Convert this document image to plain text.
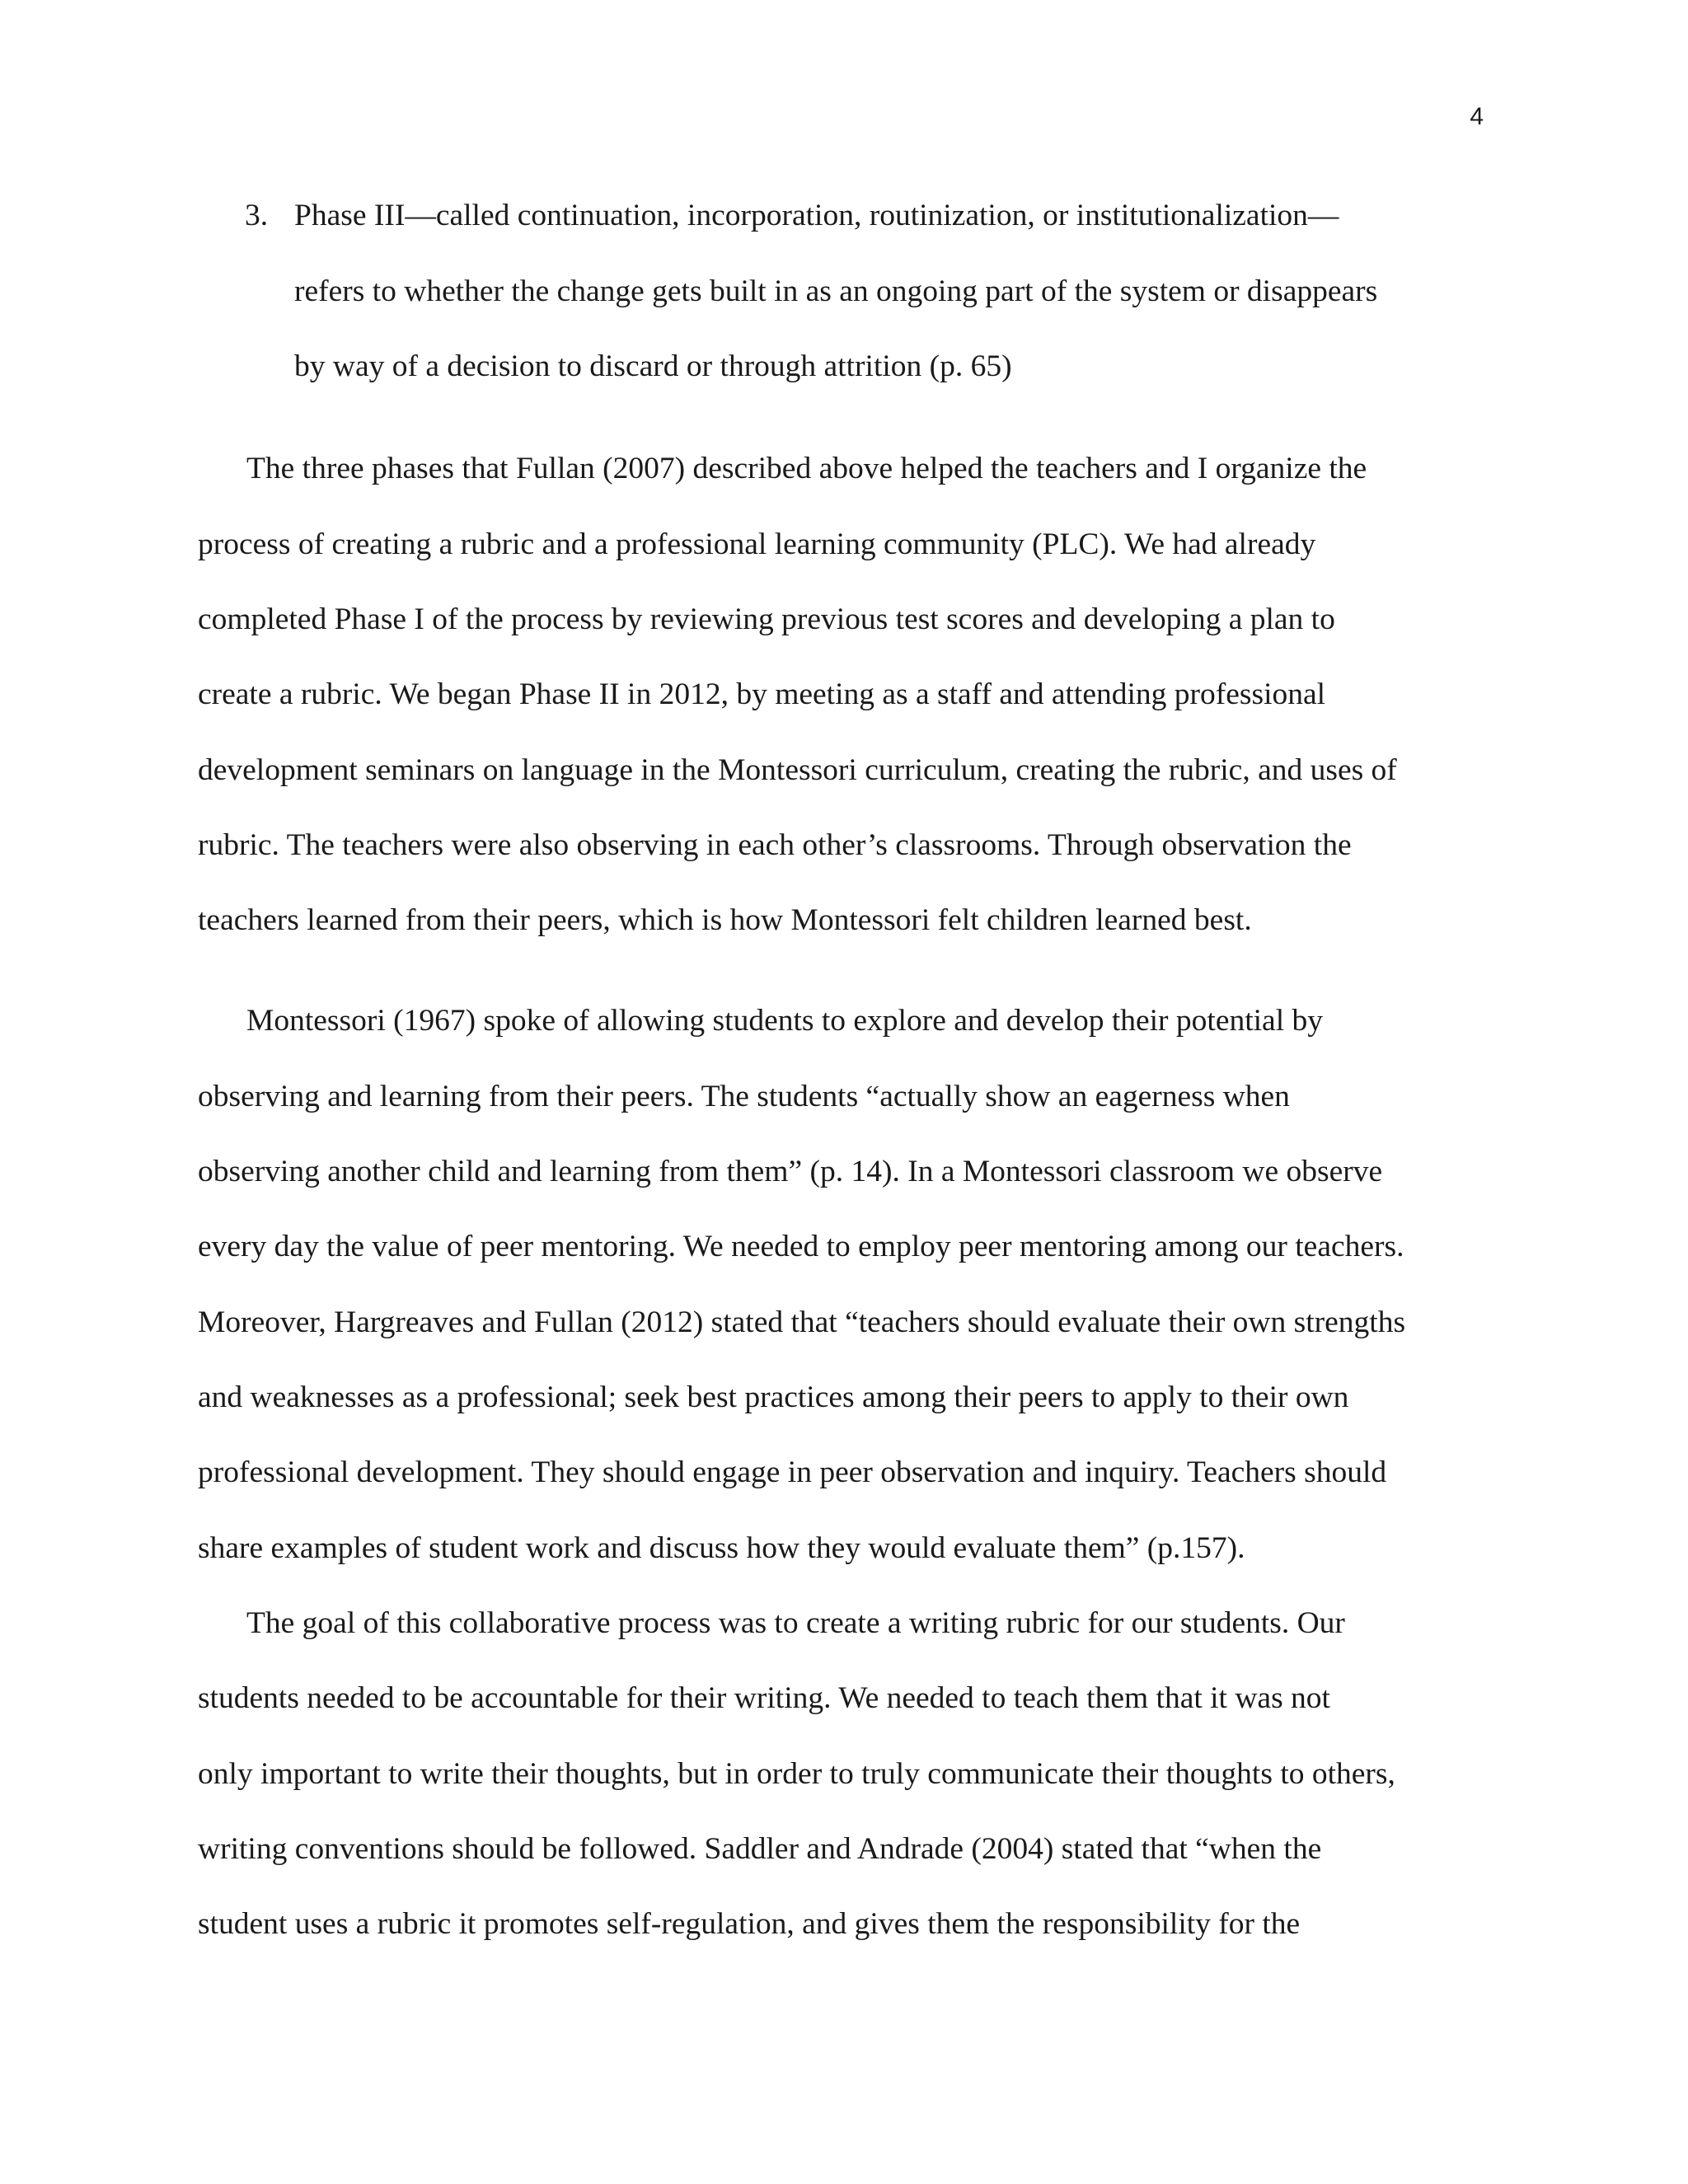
4
3. Phase III—called continuation, incorporation, routinization, or institutionalization—
refers to whether the change gets built in as an ongoing part of the system or disappears
by way of a decision to discard or through attrition (p. 65)
The three phases that Fullan (2007) described above helped the teachers and I organize the
process of creating a rubric and a professional learning community (PLC). We had already
completed Phase I of the process by reviewing previous test scores and developing a plan to
create a rubric. We began Phase II in 2012, by meeting as a staff and attending professional
development seminars on language in the Montessori curriculum, creating the rubric, and uses of
rubric. The teachers were also observing in each other’s classrooms. Through observation the
teachers learned from their peers, which is how Montessori felt children learned best.
Montessori (1967) spoke of allowing students to explore and develop their potential by
observing and learning from their peers. The students “actually show an eagerness when
observing another child and learning from them” (p. 14). In a Montessori classroom we observe
every day the value of peer mentoring. We needed to employ peer mentoring among our teachers.
Moreover, Hargreaves and Fullan (2012) stated that “teachers should evaluate their own strengths
and weaknesses as a professional; seek best practices among their peers to apply to their own
professional development. They should engage in peer observation and inquiry. Teachers should
share examples of student work and discuss how they would evaluate them” (p.157).
The goal of this collaborative process was to create a writing rubric for our students. Our
students needed to be accountable for their writing. We needed to teach them that it was not
only important to write their thoughts, but in order to truly communicate their thoughts to others,
writing conventions should be followed. Saddler and Andrade (2004) stated that “when the
student uses a rubric it promotes self-regulation, and gives them the responsibility for the
